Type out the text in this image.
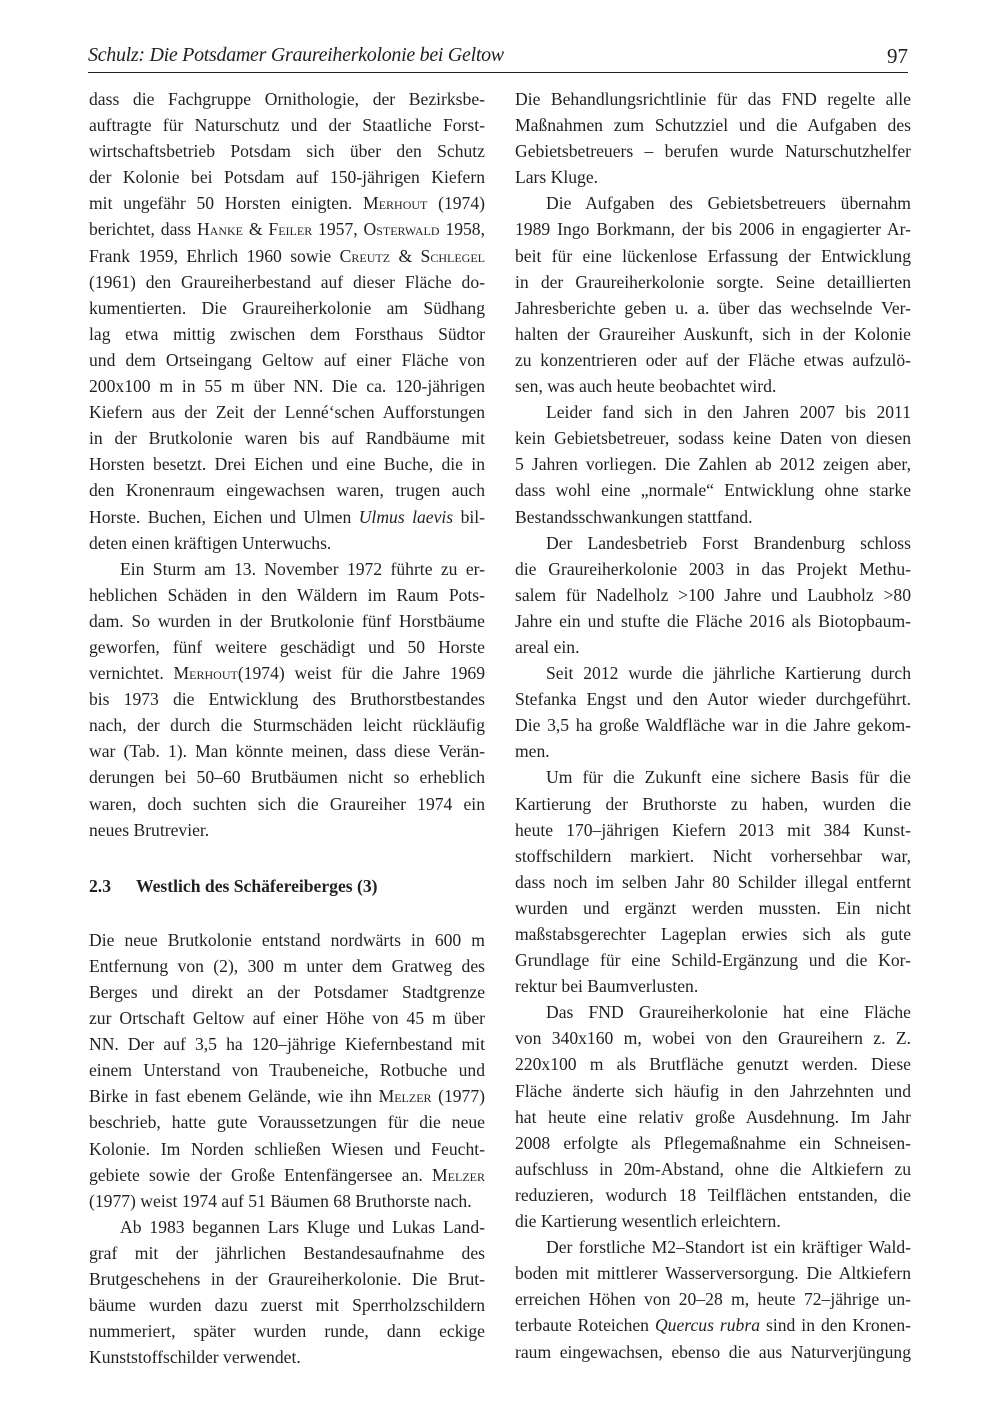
Schulz: Die Potsdamer Graureiherkolonie bei Geltow	97
dass die Fachgruppe Ornithologie, der Bezirksbe-
auftragte für Naturschutz und der Staatliche Forst-
wirtschaftsbetrieb Potsdam sich über den Schutz
der Kolonie bei Potsdam auf 150-jährigen Kiefern
mit ungefähr 50 Horsten einigten. Merhout (1974)
berichtet, dass Hanke & Feiler 1957, Osterwald 1958,
Frank 1959, Ehrlich 1960 sowie Creutz & Schlegel
(1961) den Graureiherbestand auf dieser Fläche do-
kumentierten. Die Graureiherkolonie am Südhang
lag etwa mittig zwischen dem Forsthaus Südtor
und dem Ortseingang Geltow auf einer Fläche von
200x100 m in 55 m über NN. Die ca. 120-jährigen
Kiefern aus der Zeit der Lenné‘schen Aufforstungen
in der Brutkolonie waren bis auf Randbäume mit
Horsten besetzt. Drei Eichen und eine Buche, die in
den Kronenraum eingewachsen waren, trugen auch
Horste. Buchen, Eichen und Ulmen Ulmus laevis bil-
deten einen kräftigen Unterwuchs.
Ein Sturm am 13. November 1972 führte zu er-
heblichen Schäden in den Wäldern im Raum Pots-
dam. So wurden in der Brutkolonie fünf Horstbäume
geworfen, fünf weitere geschädigt und 50 Horste
vernichtet. Merhout(1974) weist für die Jahre 1969
bis 1973 die Entwicklung des Bruthorstbestandes
nach, der durch die Sturmschäden leicht rückläufig
war (Tab. 1). Man könnte meinen, dass diese Verän-
derungen bei 50–60 Brutbäumen nicht so erheblich
waren, doch suchten sich die Graureiher 1974 ein
neues Brutrevier.

2.3	Westlich des Schäfereiberges (3)

Die neue Brutkolonie entstand nordwärts in 600 m
Entfernung von (2), 300 m unter dem Gratweg des
Berges und direkt an der Potsdamer Stadtgrenze
zur Ortschaft Geltow auf einer Höhe von 45 m über
NN. Der auf 3,5 ha 120–jährige Kiefernbestand mit
einem Unterstand von Traubeneiche, Rotbuche und
Birke in fast ebenem Gelände, wie ihn Melzer (1977)
beschrieb, hatte gute Voraussetzungen für die neue
Kolonie. Im Norden schließen Wiesen und Feucht-
gebiete sowie der Große Entenfängersee an. Melzer
(1977) weist 1974 auf 51 Bäumen 68 Bruthorste nach.
Ab 1983 begannen Lars Kluge und Lukas Land-
graf mit der jährlichen Bestandesaufnahme des
Brutgeschehens in der Graureiherkolonie. Die Brut-
bäume wurden dazu zuerst mit Sperrholzschildern
nummeriert, später wurden runde, dann eckige
Kunststoffschilder verwendet.
Die Behandlungsrichtlinie für das FND regelte alle
Maßnahmen zum Schutzziel und die Aufgaben des
Gebietsbetreuers – berufen wurde Naturschutzhelfer
Lars Kluge.
Die Aufgaben des Gebietsbetreuers übernahm
1989 Ingo Borkmann, der bis 2006 in engagierter Ar-
beit für eine lückenlose Erfassung der Entwicklung
in der Graureiherkolonie sorgte. Seine detaillierten
Jahresberichte geben u. a. über das wechselnde Ver-
halten der Graureiher Auskunft, sich in der Kolonie
zu konzentrieren oder auf der Fläche etwas aufzulö-
sen, was auch heute beobachtet wird.
Leider fand sich in den Jahren 2007 bis 2011
kein Gebietsbetreuer, sodass keine Daten von diesen
5 Jahren vorliegen. Die Zahlen ab 2012 zeigen aber,
dass wohl eine „normale“ Entwicklung ohne starke
Bestandsschwankungen stattfand.
Der Landesbetrieb Forst Brandenburg schloss
die Graureiherkolonie 2003 in das Projekt Methu-
salem für Nadelholz >100 Jahre und Laubholz >80
Jahre ein und stufte die Fläche 2016 als Biotopbaum-
areal ein.
Seit 2012 wurde die jährliche Kartierung durch
Stefanka Engst und den Autor wieder durchgeführt.
Die 3,5 ha große Waldfläche war in die Jahre gekom-
men.
Um für die Zukunft eine sichere Basis für die
Kartierung der Bruthorste zu haben, wurden die
heute 170–jährigen Kiefern 2013 mit 384 Kunst-
stoffschildern markiert. Nicht vorhersehbar war,
dass noch im selben Jahr 80 Schilder illegal entfernt
wurden und ergänzt werden mussten. Ein nicht
maßstabsgerechter Lageplan erwies sich als gute
Grundlage für eine Schild-Ergänzung und die Kor-
rektur bei Baumverlusten.
Das FND Graureiherkolonie hat eine Fläche
von 340x160 m, wobei von den Graureihern z. Z.
220x100 m als Brutfläche genutzt werden. Diese
Fläche änderte sich häufig in den Jahrzehnten und
hat heute eine relativ große Ausdehnung. Im Jahr
2008 erfolgte als Pflegemaßnahme ein Schneisen-
aufschluss in 20m-Abstand, ohne die Altkiefern zu
reduzieren, wodurch 18 Teilflächen entstanden, die
die Kartierung wesentlich erleichtern.
Der forstliche M2–Standort ist ein kräftiger Wald-
boden mit mittlerer Wasserversorgung. Die Altkiefern
erreichen Höhen von 20–28 m, heute 72–jährige un-
terbaute Roteichen Quercus rubra sind in den Kronen-
raum eingewachsen, ebenso die aus Naturverjüngung
